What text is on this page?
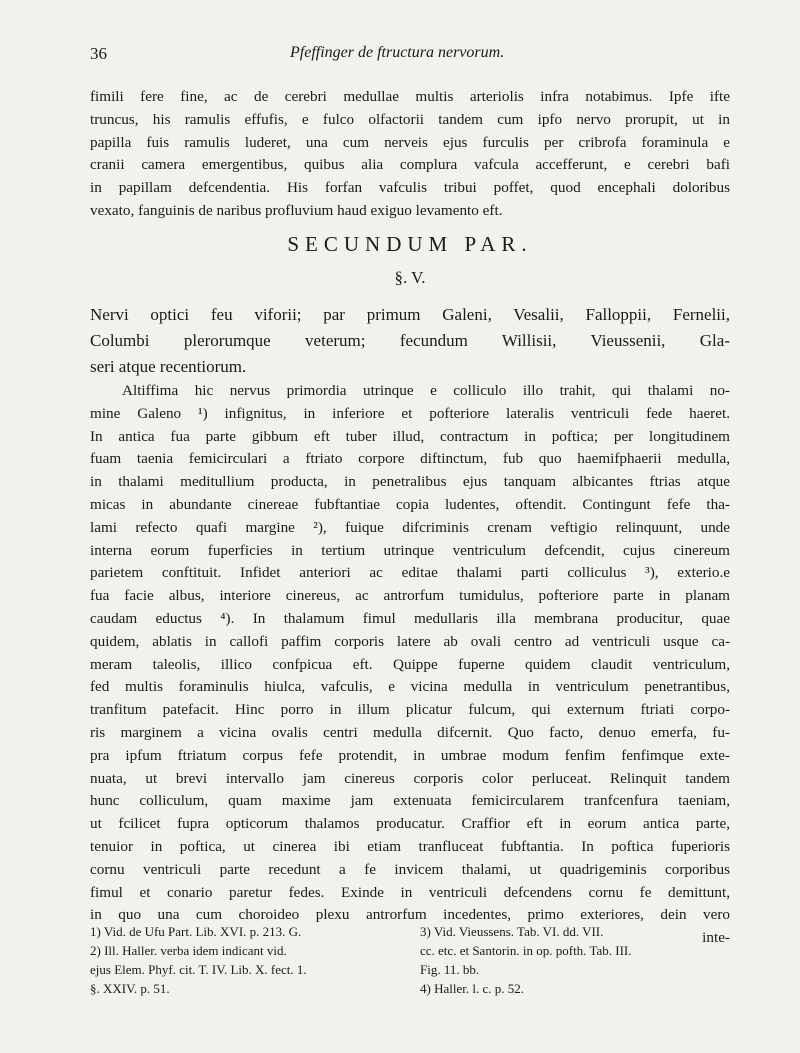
36	Pfeffinger de ftructura nervorum.
fimili fere fine, ac de cerebri medullae multis arteriolis infra notabimus. Ipfe ifte
truncus, his ramulis effufis, e fulco olfactorii tandem cum ipfo nervo prorupit, ut in
papilla fuis ramulis luderet, una cum nerveis ejus furculis per cribrofa foraminula e
cranii camera emergentibus, quibus alia complura vafcula accefferunt, e cerebri bafi
in papillam defcendentia. His forfan vafculis tribui poffet, quod encephali doloribus
vexato, fanguinis de naribus profluvium haud exiguo levamento eft.
SECUNDUM PAR.
§. V.
Nervi optici feu viforii; par primum Galeni, Vesalii, Falloppii, Fernelii,
Columbi plerorumque veterum; fecundum Willisii, Vieussenii, Gla-
seri atque recentiorum.
Altiffima hic nervus primordia utrinque e colliculo illo trahit, qui thalami no-
mine Galeno ¹) infignitus, in inferiore et pofteriore lateralis ventriculi fede haeret.
In antica fua parte gibbum eft tuber illud, contractum in poftica; per longitudinem
fuam taenia femicirculari a ftriato corpore diftinctum, fub quo haemifphaerii medulla,
in thalami meditullium producta, in penetralibus ejus tanquam albicantes ftrias atque
micas in abundante cinereae fubftantiae copia ludentes, oftendit. Contingunt fefe tha-
lami refecto quafi margine ²), fuique difcriminis crenam veftigio relinquunt, unde
interna eorum fuperficies in tertium utrinque ventriculum defcendit, cujus cinereum
parietem conftituit. Infidet anteriori ac editae thalami parti colliculus ³), exterio.e
fua facie albus, interiore cinereus, ac antrorfum tumidulus, pofteriore parte in planam
caudam eductus ⁴). In thalamum fimul medullaris illa membrana producitur, quae
quidem, ablatis in callofi paffim corporis latere ab ovali centro ad ventriculi usque ca-
meram taleolis, illico confpicua eft. Quippe fuperne quidem claudit ventriculum,
fed multis foraminulis hiulca, vafculis, e vicina medulla in ventriculum penetrantibus,
tranfitum patefacit. Hinc porro in illum plicatur fulcum, qui externum ftriati corpo-
ris marginem a vicina ovalis centri medulla difcernit. Quo facto, denuo emerfa, fu-
pra ipfum ftriatum corpus fefe protendit, in umbrae modum fenfim fenfimque exte-
nuata, ut brevi intervallo jam cinereus corporis color perluceat. Relinquit tandem
hunc colliculum, quam maxime jam extenuata femicircularem tranfcenfura taeniam,
ut fcilicet fupra opticorum thalamos producatur. Craffior eft in eorum antica parte,
tenuior in poftica, ut cinerea ibi etiam tranfluceat fubftantia. In poftica fuperioris
cornu ventriculi parte recedunt a fe invicem thalami, ut quadrigeminis corporibus
fimul et conario paretur fedes. Exinde in ventriculi defcendens cornu fe demittunt,
in quo una cum choroideo plexu antrorfum incedentes, primo exteriores, dein vero
inte-
1) Vid. de Ufu Part. Lib. XVI. p. 213. G.
2) Ill. Haller. verba idem indicant vid.
ejus Elem. Phyf. cit. T. IV. Lib. X. fect. 1.
§. XXIV. p. 51.
3) Vid. Vieussens. Tab. VI. dd. VII.
cc. etc. et Santorin. in op. pofth. Tab. III.
Fig. 11. bb.
4) Haller. l. c. p. 52.
